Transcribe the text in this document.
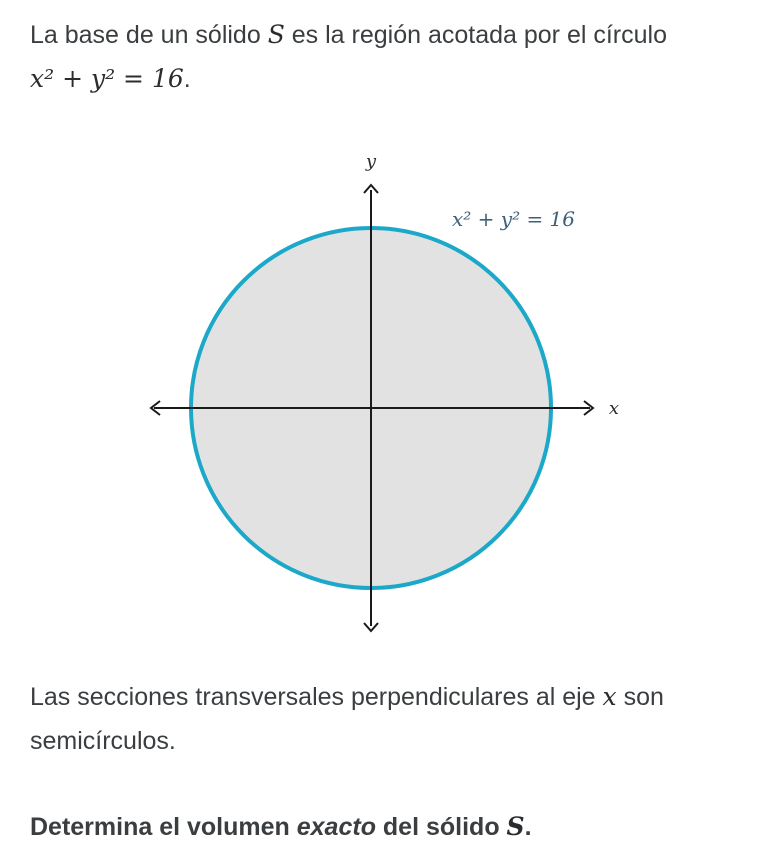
La base de un sólido S es la región acotada por el círculo
x² + y² = 16.

y
x
x² + y² = 16

Las secciones transversales perpendiculares al eje x son semicírculos.

Determina el volumen exacto del sólido S.
